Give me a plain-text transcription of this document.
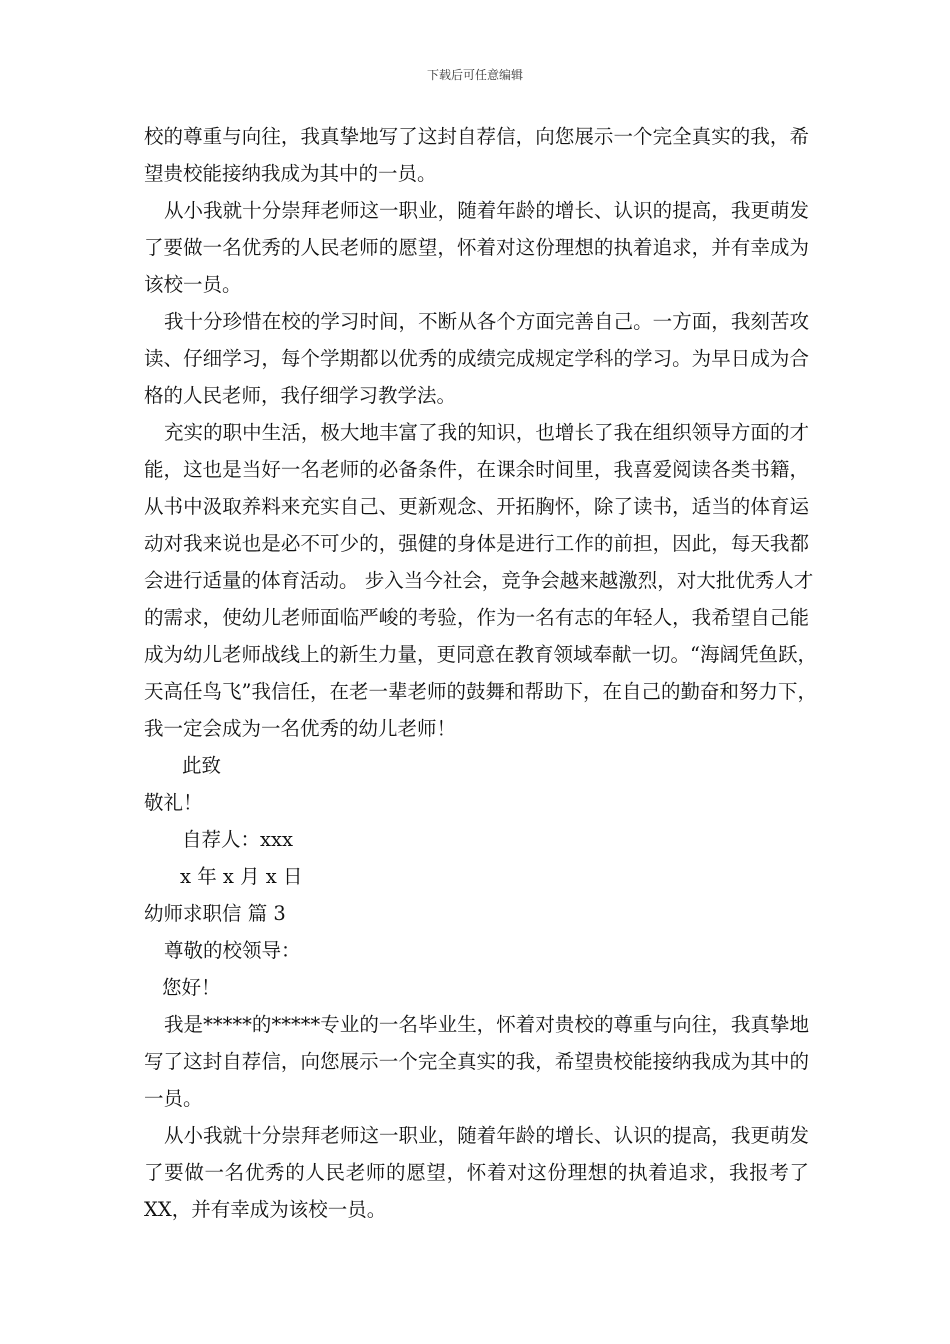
下载后可任意编辑
校的尊重与向往，我真挚地写了这封自荐信，向您展示一个完全真实的我，希
望贵校能接纳我成为其中的一员。
从小我就十分崇拜老师这一职业，随着年龄的增长、认识的提高，我更萌发
了要做一名优秀的人民老师的愿望，怀着对这份理想的执着追求，并有幸成为
该校一员。
我十分珍惜在校的学习时间，不断从各个方面完善自己。一方面，我刻苦攻
读、仔细学习，每个学期都以优秀的成绩完成规定学科的学习。为早日成为合
格的人民老师，我仔细学习教学法。
充实的职中生活，极大地丰富了我的知识，也增长了我在组织领导方面的才
能，这也是当好一名老师的必备条件，在课余时间里，我喜爱阅读各类书籍，
从书中汲取养料来充实自己、更新观念、开拓胸怀，除了读书，适当的体育运
动对我来说也是必不可少的，强健的身体是进行工作的前担，因此，每天我都
会进行适量的体育活动。 步入当今社会，竞争会越来越激烈，对大批优秀人才
的需求，使幼儿老师面临严峻的考验，作为一名有志的年轻人，我希望自己能
成为幼儿老师战线上的新生力量，更同意在教育领域奉献一切。“海阔凭鱼跃，
天高任鸟飞”我信任，在老一辈老师的鼓舞和帮助下，在自己的勤奋和努力下，
我一定会成为一名优秀的幼儿老师！
此致
敬礼！
自荐人：xxx
x 年 x 月 x 日
幼师求职信 篇 3
尊敬的校领导：
您好！
我是*****的*****专业的一名毕业生，怀着对贵校的尊重与向往，我真挚地
写了这封自荐信，向您展示一个完全真实的我，希望贵校能接纳我成为其中的
一员。
从小我就十分崇拜老师这一职业，随着年龄的增长、认识的提高，我更萌发
了要做一名优秀的人民老师的愿望，怀着对这份理想的执着追求，我报考了
XX，并有幸成为该校一员。
